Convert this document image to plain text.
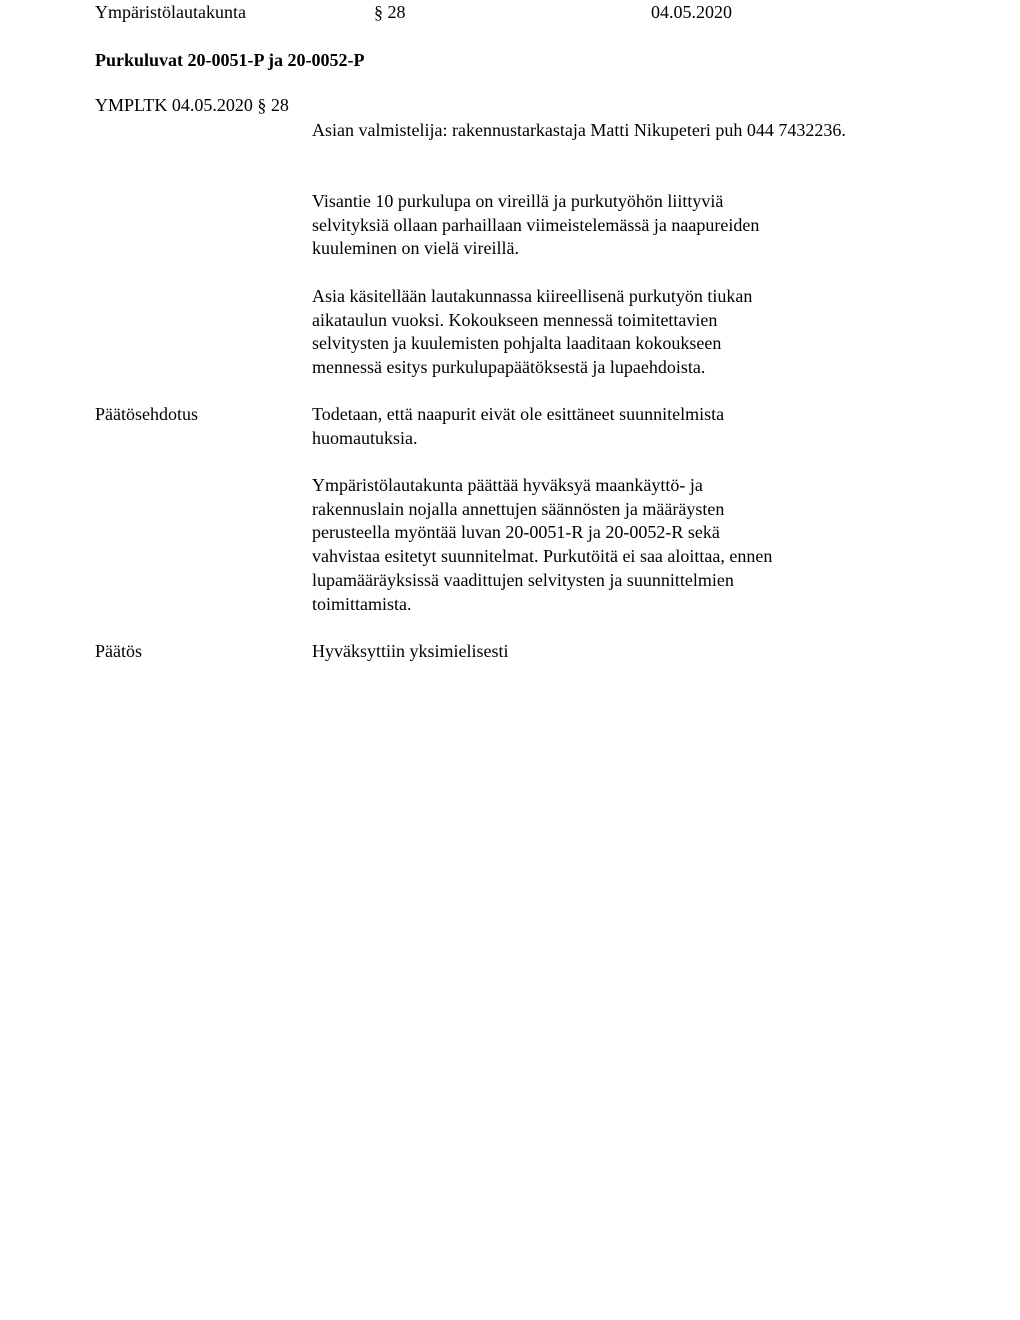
Ympäristölautakunta	§ 28	04.05.2020
Purkuluvat 20-0051-P ja 20-0052-P
YMPLTK 04.05.2020 § 28
Asian valmistelija: rakennustarkastaja Matti Nikupeteri puh 044 7432236.
Visantie 10 purkulupa on vireillä ja purkutyöhön liittyviä
selvityksiä ollaan parhaillaan viimeistelemässä ja naapureiden
kuuleminen on vielä vireillä.
Asia käsitellään lautakunnassa kiireellisenä purkutyön tiukan
aikataulun vuoksi. Kokoukseen mennessä toimitettavien
selvitysten ja kuulemisten pohjalta laaditaan kokoukseen
mennessä esitys purkulupapäätöksestä ja lupaehdoista.
Päätösehdotus	Todetaan, että naapurit eivät ole esittäneet suunnitelmista
huomautuksia.
Ympäristölautakunta päättää hyväksyä maankäyttö- ja
rakennuslain nojalla annettujen säännösten ja määräysten
perusteella myöntää luvan 20-0051-R ja 20-0052-R sekä
vahvistaa esitetyt suunnitelmat. Purkutöitä ei saa aloittaa, ennen
lupamääräyksissä vaadittujen selvitysten ja suunnittelmien
toimittamista.
Päätös	Hyväksyttiin yksimielisesti
